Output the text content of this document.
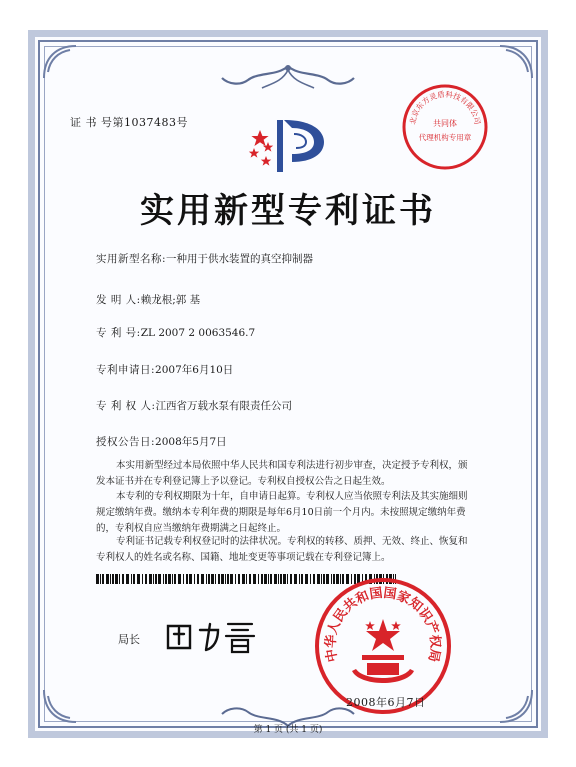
证 书 号第1037483号	北京东方灵盾科技有限公司
共同体
代理机构专用章
实用新型专利证书
实用新型名称:一种用于供水装置的真空抑制器
发 明 人:赖龙根;郭 基
专 利 号:ZL 2007 2 0063546.7
专利申请日:2007年6月10日
专 利 权 人:江西省万载水泵有限责任公司
授权公告日:2008年5月7日
本实用新型经过本局依照中华人民共和国专利法进行初步审查，决定授予专利权，颁发本证书并在专利登记簿上予以登记。专利权自授权公告之日起生效。
本专利的专利权期限为十年，自申请日起算。专利权人应当依照专利法及其实施细则规定缴纳年费。缴纳本专利年费的期限是每年6月10日前一个月内。未按照规定缴纳年费的，专利权自应当缴纳年费期满之日起终止。
专利证书记载专利权登记时的法律状况。专利权的转移、质押、无效、终止、恢复和专利权人的姓名或名称、国籍、地址变更等事项记载在专利登记簿上。
局长
中华人民共和国国家知识产权局
2008年6月7日
第 1 页 (共 1 页)
